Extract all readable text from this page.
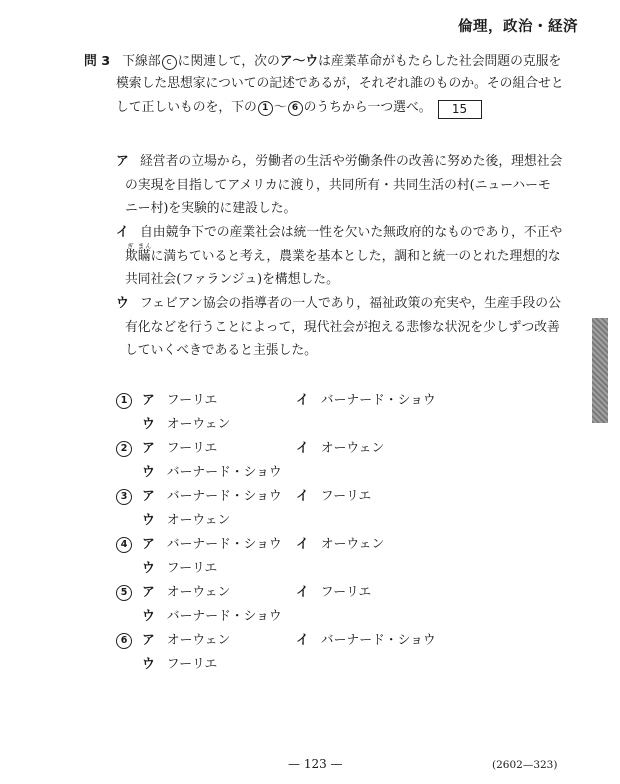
倫理，政治・経済
問 3 下線部 c に関連して，次のア～ウは産業革命がもたらした社会問題の克服を
模索した思想家についての記述であるが，それぞれ誰のものか。その組合せと
して正しいものを，下の 1 ～ 6 のうちから一つ選べ。 15
ア 経営者の立場から，労働者の生活や労働条件の改善に努めた後，理想社会
の実現を目指してアメリカに渡り，共同所有・共同生活の村(ニューハーモ
ニー村)を実験的に建設した。
イ 自由競争下での産業社会は統一性を欠いた無政府的なものであり，不正や
ぎ まん
欺瞞に満ちていると考え，農業を基本とした，調和と統一のとれた理想的な
共同社会(ファランジュ)を構想した。
ウ フェビアン協会の指導者の一人であり，福祉政策の充実や，生産手段の公
有化などを行うことによって，現代社会が抱える悲惨な状況を少しずつ改善
していくべきであると主張した。
1 ア フーリエ	イ バーナード・ショウ
ウ オーウェン
2 ア フーリエ	イ オーウェン
ウ バーナード・ショウ
3 ア バーナード・ショウ イ フーリエ
ウ オーウェン
4 ア バーナード・ショウ イ オーウェン
ウ フーリエ
5 ア オーウェン	イ フーリエ
ウ バーナード・ショウ
6 ア オーウェン	イ バーナード・ショウ
ウ フーリエ
— 123 —	(2602—323)
